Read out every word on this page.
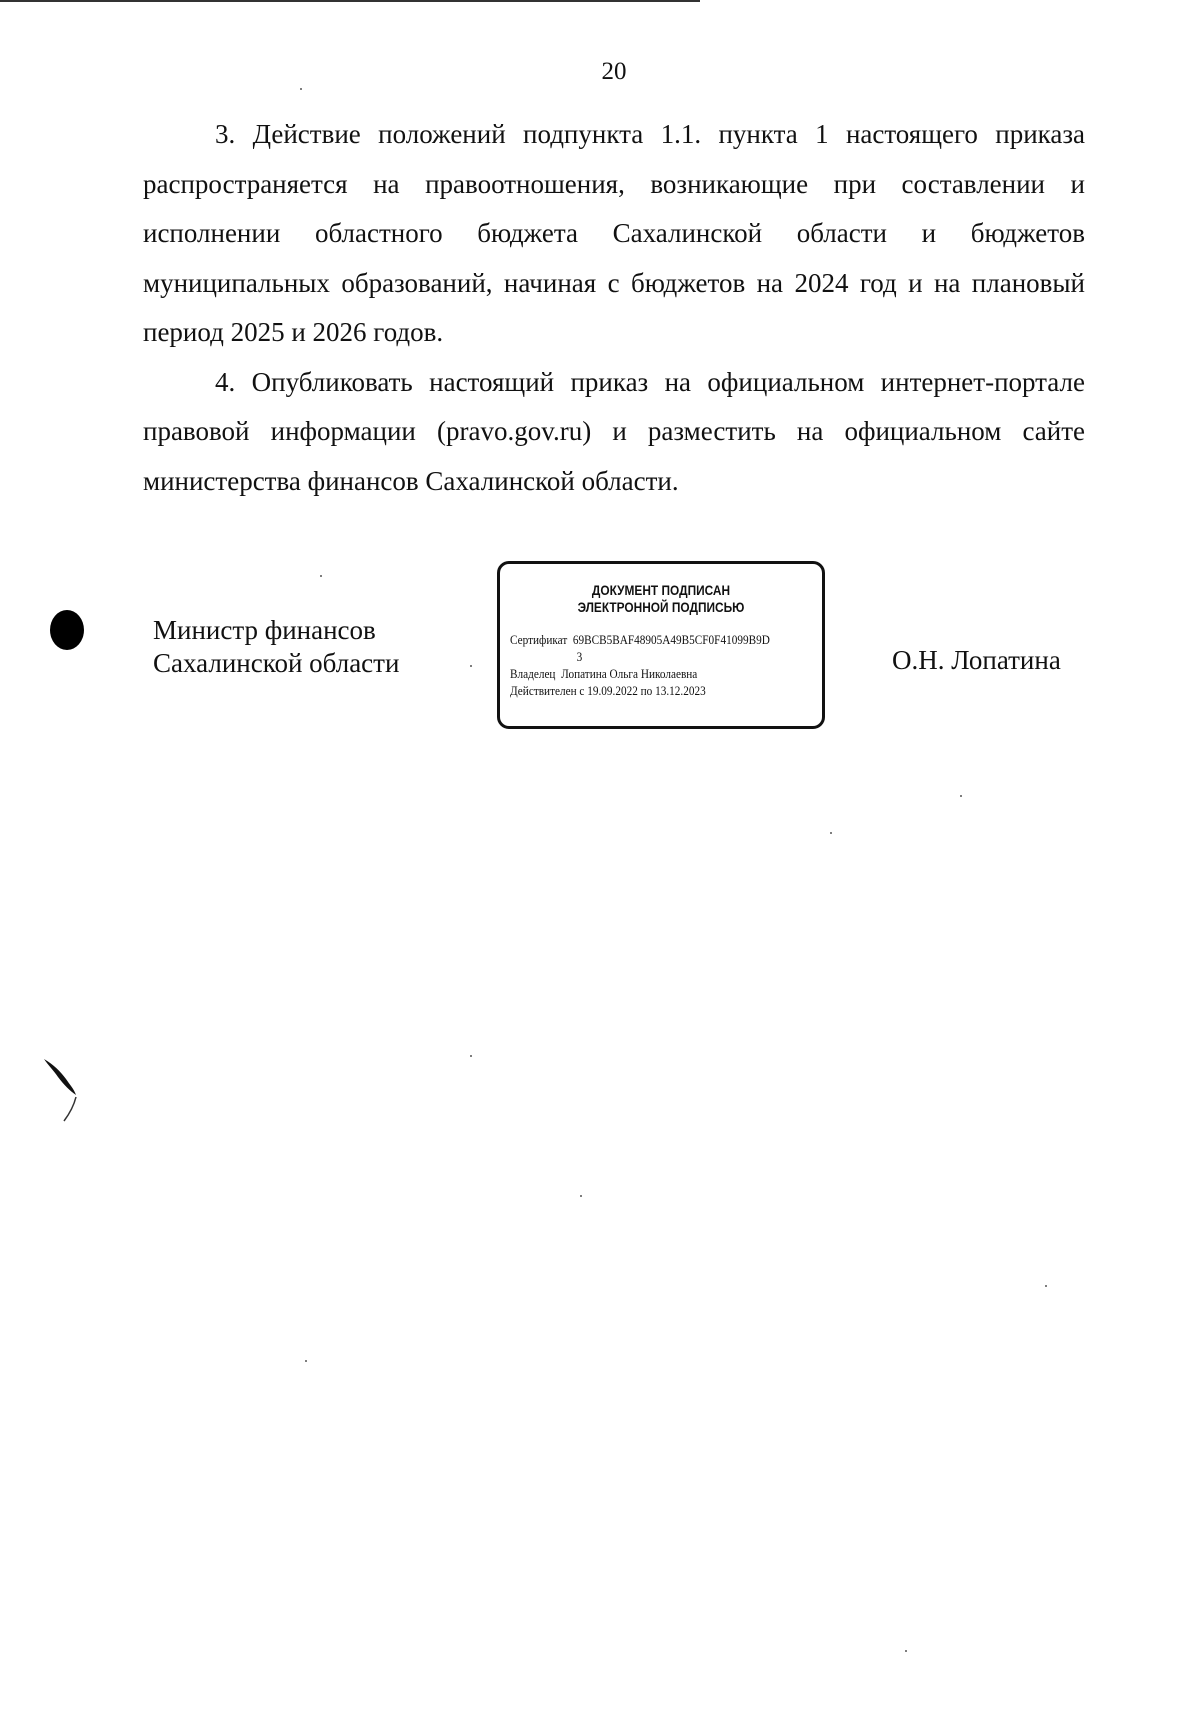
20

3. Действие положений подпункта 1.1. пункта 1 настоящего приказа распространяется на правоотношения, возникающие при составлении и исполнении областного бюджета Сахалинской области и бюджетов муниципальных образований, начиная с бюджетов на 2024 год и на плановый период 2025 и 2026 годов.

4. Опубликовать настоящий приказ на официальном интернет-портале правовой информации (pravo.gov.ru) и разместить на официальном сайте министерства финансов Сахалинской области.

Министр финансов
Сахалинской области
ДОКУМЕНТ ПОДПИСАН
ЭЛЕКТРОННОЙ ПОДПИСЬЮ
Сертификат 69BCB5BAF48905A49B5CF0F41099B9D
3
Владелец Лопатина Ольга Николаевна
Действителен с 19.09.2022 по 13.12.2023
О.Н. Лопатина
